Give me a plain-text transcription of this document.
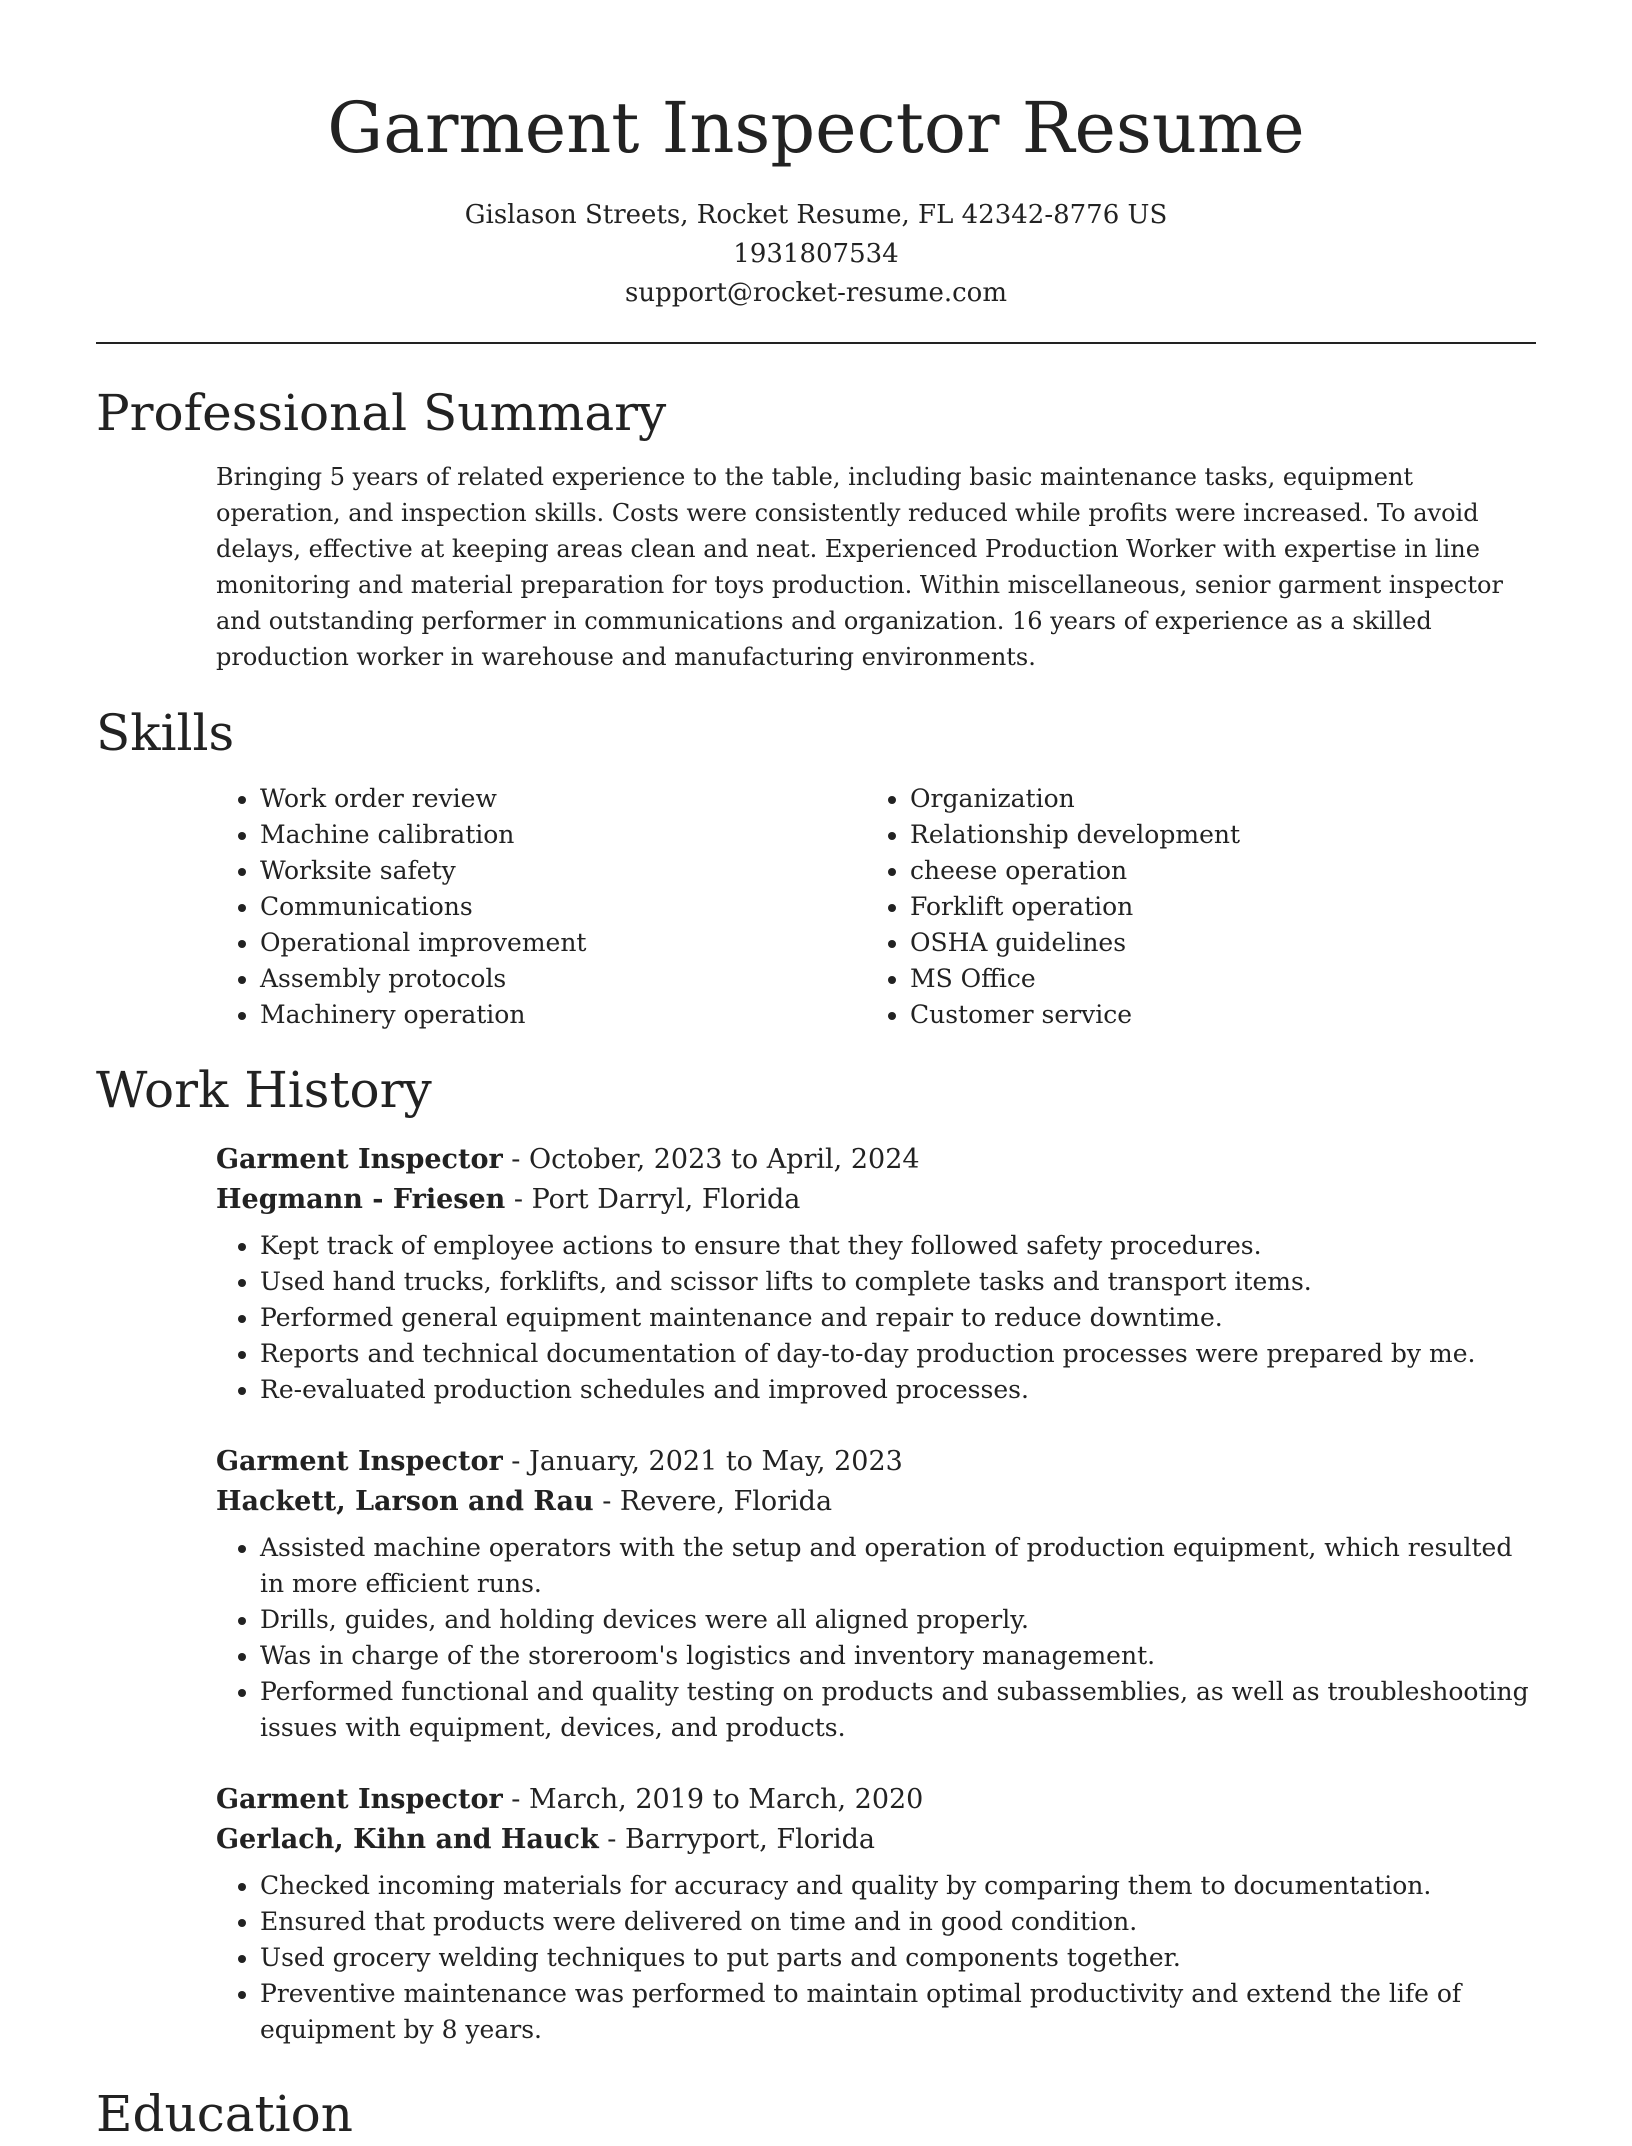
Garment Inspector Resume
Gislason Streets, Rocket Resume, FL 42342-8776 US
1931807534
support@rocket-resume.com
Professional Summary
Bringing 5 years of related experience to the table, including basic maintenance tasks, equipment operation, and inspection skills. Costs were consistently reduced while profits were increased. To avoid delays, effective at keeping areas clean and neat. Experienced Production Worker with expertise in line monitoring and material preparation for toys production. Within miscellaneous, senior garment inspector and outstanding performer in communications and organization. 16 years of experience as a skilled production worker in warehouse and manufacturing environments.
Skills
• Work order review
• Machine calibration
• Worksite safety
• Communications
• Operational improvement
• Assembly protocols
• Machinery operation
• Organization
• Relationship development
• cheese operation
• Forklift operation
• OSHA guidelines
• MS Office
• Customer service
Work History
Garment Inspector - October, 2023 to April, 2024
Hegmann - Friesen - Port Darryl, Florida
• Kept track of employee actions to ensure that they followed safety procedures.
• Used hand trucks, forklifts, and scissor lifts to complete tasks and transport items.
• Performed general equipment maintenance and repair to reduce downtime.
• Reports and technical documentation of day-to-day production processes were prepared by me.
• Re-evaluated production schedules and improved processes.
Garment Inspector - January, 2021 to May, 2023
Hackett, Larson and Rau - Revere, Florida
• Assisted machine operators with the setup and operation of production equipment, which resulted in more efficient runs.
• Drills, guides, and holding devices were all aligned properly.
• Was in charge of the storeroom's logistics and inventory management.
• Performed functional and quality testing on products and subassemblies, as well as troubleshooting issues with equipment, devices, and products.
Garment Inspector - March, 2019 to March, 2020
Gerlach, Kihn and Hauck - Barryport, Florida
• Checked incoming materials for accuracy and quality by comparing them to documentation.
• Ensured that products were delivered on time and in good condition.
• Used grocery welding techniques to put parts and components together.
• Preventive maintenance was performed to maintain optimal productivity and extend the life of equipment by 8 years.
Education
